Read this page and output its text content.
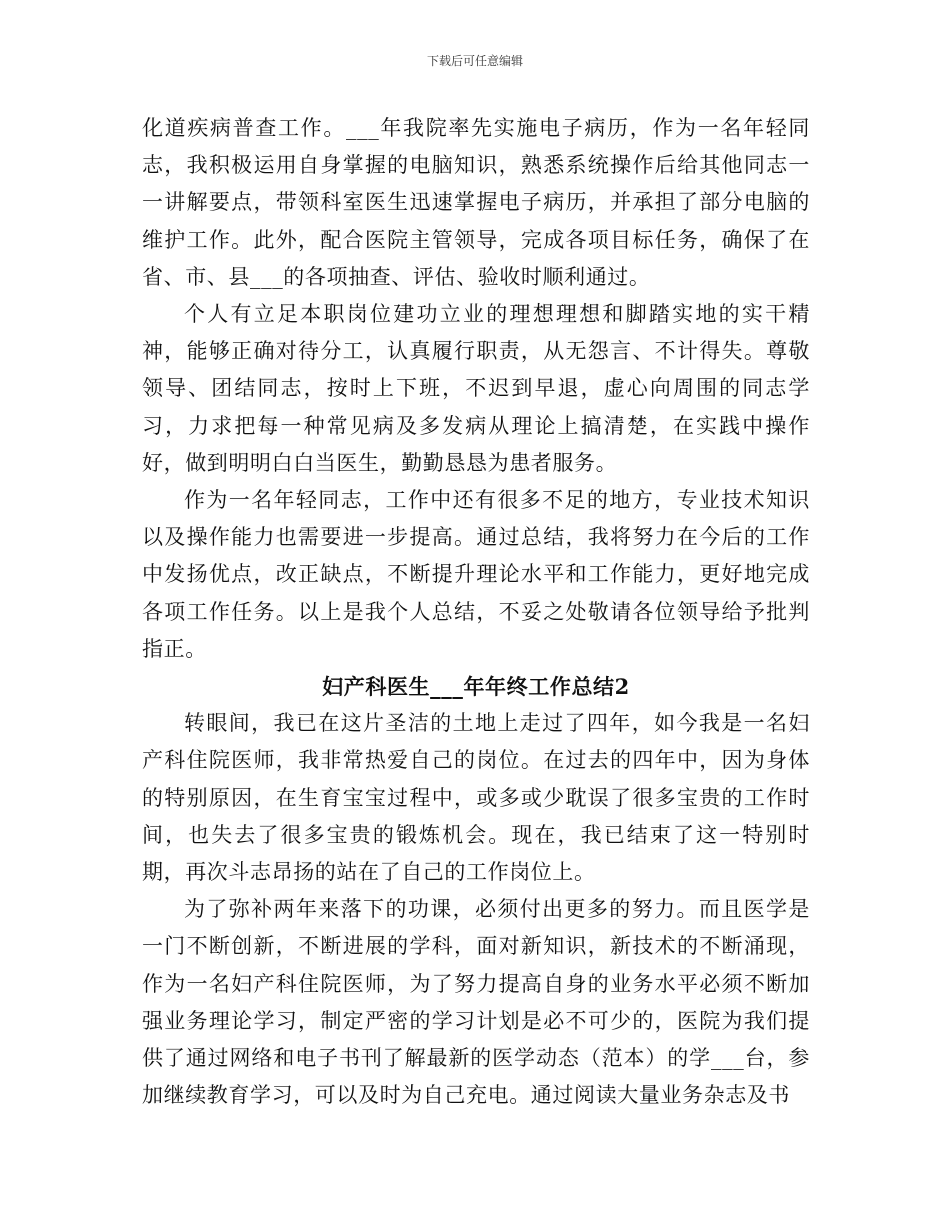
下载后可任意编辑

化道疾病普查工作。___年我院率先实施电子病历，作为一名年轻同志，我积极运用自身掌握的电脑知识，熟悉系统操作后给其他同志一一讲解要点，带领科室医生迅速掌握电子病历，并承担了部分电脑的维护工作。此外，配合医院主管领导，完成各项目标任务，确保了在省、市、县___的各项抽查、评估、验收时顺利通过。

个人有立足本职岗位建功立业的理想理想和脚踏实地的实干精神，能够正确对待分工，认真履行职责，从无怨言、不计得失。尊敬领导、团结同志，按时上下班，不迟到早退，虚心向周围的同志学习，力求把每一种常见病及多发病从理论上搞清楚，在实践中操作好，做到明明白白当医生，勤勤恳恳为患者服务。

作为一名年轻同志，工作中还有很多不足的地方，专业技术知识以及操作能力也需要进一步提高。通过总结，我将努力在今后的工作中发扬优点，改正缺点，不断提升理论水平和工作能力，更好地完成各项工作任务。以上是我个人总结，不妥之处敬请各位领导给予批判指正。

妇产科医生___年年终工作总结2

转眼间，我已在这片圣洁的土地上走过了四年，如今我是一名妇产科住院医师，我非常热爱自己的岗位。在过去的四年中，因为身体的特别原因，在生育宝宝过程中，或多或少耽误了很多宝贵的工作时间，也失去了很多宝贵的锻炼机会。现在，我已结束了这一特别时期，再次斗志昂扬的站在了自己的工作岗位上。

为了弥补两年来落下的功课，必须付出更多的努力。而且医学是一门不断创新，不断进展的学科，面对新知识，新技术的不断涌现，作为一名妇产科住院医师，为了努力提高自身的业务水平必须不断加强业务理论学习，制定严密的学习计划是必不可少的，医院为我们提供了通过网络和电子书刊了解最新的医学动态（范本）的学___台，参加继续教育学习，可以及时为自己充电。通过阅读大量业务杂志及书
